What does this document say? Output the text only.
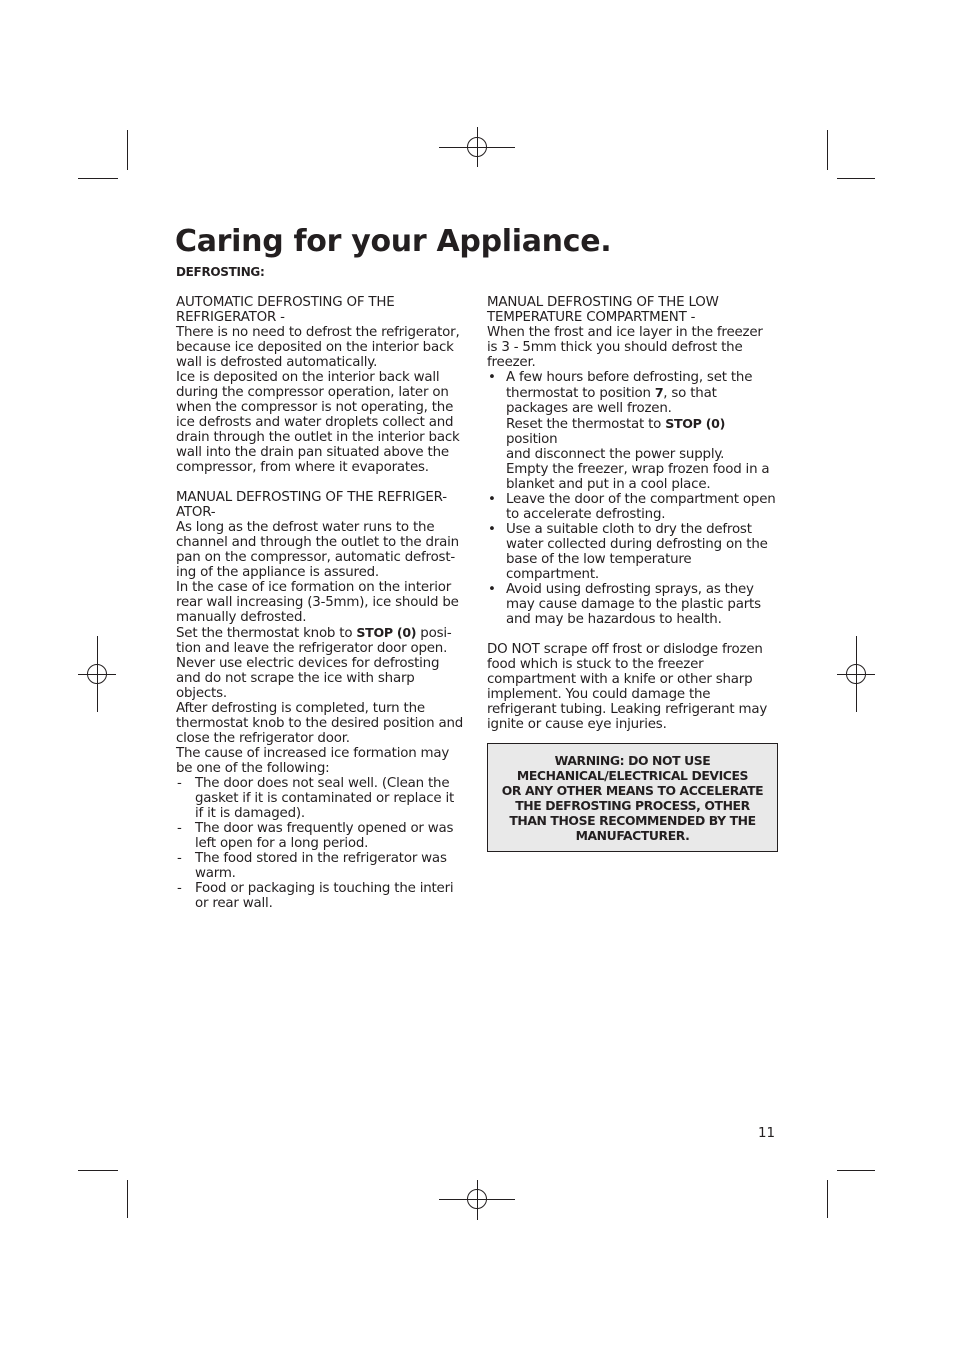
Caring for your Appliance.
DEFROSTING:
AUTOMATIC DEFROSTING OF THE
REFRIGERATOR -
There is no need to defrost the refrigerator,
because ice deposited on the interior back
wall is defrosted automatically.
Ice is deposited on the interior back wall
during the compressor operation, later on
when the compressor is not operating, the
ice defrosts and water droplets collect and
drain through the outlet in the interior back
wall into the drain pan situated above the
compressor, from where it evaporates.
MANUAL DEFROSTING OF THE REFRIGER-
ATOR-
As long as the defrost water runs to the
channel and through the outlet to the drain
pan on the compressor, automatic defrost-
ing of the appliance is assured.
In the case of ice formation on the interior
rear wall increasing (3-5mm), ice should be
manually defrosted.
Set the thermostat knob to STOP (0) posi-
tion and leave the refrigerator door open.
Never use electric devices for defrosting
and do not scrape the ice with sharp
objects.
After defrosting is completed, turn the
thermostat knob to the desired position and
close the refrigerator door.
The cause of increased ice formation may
be one of the following:
- The door does not seal well. (Clean the
gasket if it is contaminated or replace it
if it is damaged).
- The door was frequently opened or was
left open for a long period.
- The food stored in the refrigerator was
warm.
- Food or packaging is touching the interi
or rear wall.
MANUAL DEFROSTING OF THE LOW
TEMPERATURE COMPARTMENT -
When the frost and ice layer in the freezer
is 3 - 5mm thick you should defrost the
freezer.
• A few hours before defrosting, set the
thermostat to position 7, so that
packages are well frozen.
Reset the thermostat to STOP (0) position
and disconnect the power supply.
Empty the freezer, wrap frozen food in a
blanket and put in a cool place.
• Leave the door of the compartment open
to accelerate defrosting.
• Use a suitable cloth to dry the defrost
water collected during defrosting on the
base of the low temperature
compartment.
• Avoid using defrosting sprays, as they
may cause damage to the plastic parts
and may be hazardous to health.
DO NOT scrape off frost or dislodge frozen
food which is stuck to the freezer
compartment with a knife or other sharp
implement. You could damage the
refrigerant tubing. Leaking refrigerant may
ignite or cause eye injuries.
WARNING: DO NOT USE
MECHANICAL/ELECTRICAL DEVICES
OR ANY OTHER MEANS TO ACCELERATE
THE DEFROSTING PROCESS, OTHER
THAN THOSE RECOMMENDED BY THE
MANUFACTURER.
11
